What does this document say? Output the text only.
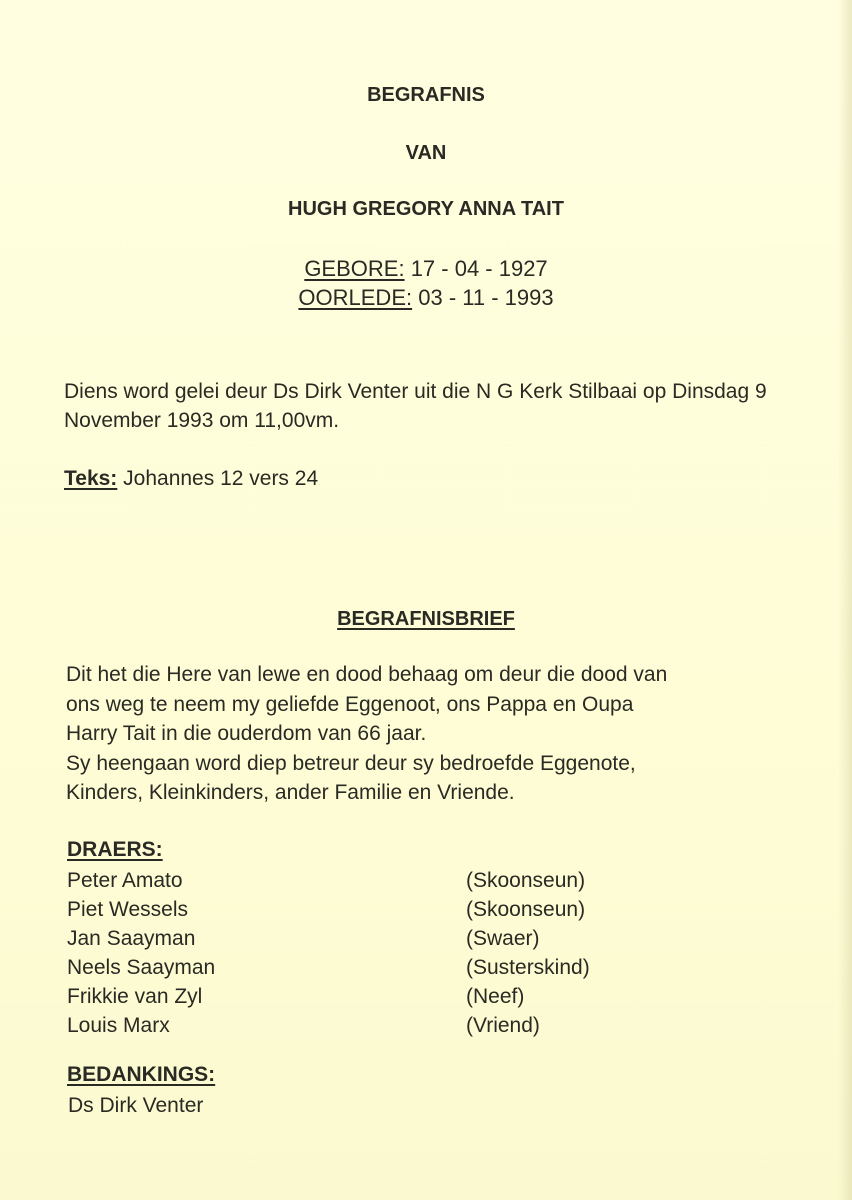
BEGRAFNIS
VAN
HUGH GREGORY ANNA TAIT
GEBORE: 17 - 04 - 1927
OORLEDE: 03 - 11 - 1993
Diens word gelei deur Ds Dirk Venter uit die N G Kerk Stilbaai op Dinsdag 9 November 1993 om 11,00vm.
Teks: Johannes 12 vers 24
BEGRAFNISBRIEF
Dit het die Here van lewe en dood behaag om deur die dood van
ons weg te neem my geliefde Eggenoot, ons Pappa en Oupa
Harry Tait in die ouderdom van 66 jaar.
Sy heengaan word diep betreur deur sy bedroefde Eggenote,
Kinders, Kleinkinders, ander Familie en Vriende.
DRAERS:
Peter Amato	(Skoonseun)
Piet Wessels	(Skoonseun)
Jan Saayman	(Swaer)
Neels Saayman	(Susterskind)
Frikkie van Zyl	(Neef)
Louis Marx	(Vriend)
BEDANKINGS:
Ds Dirk Venter
